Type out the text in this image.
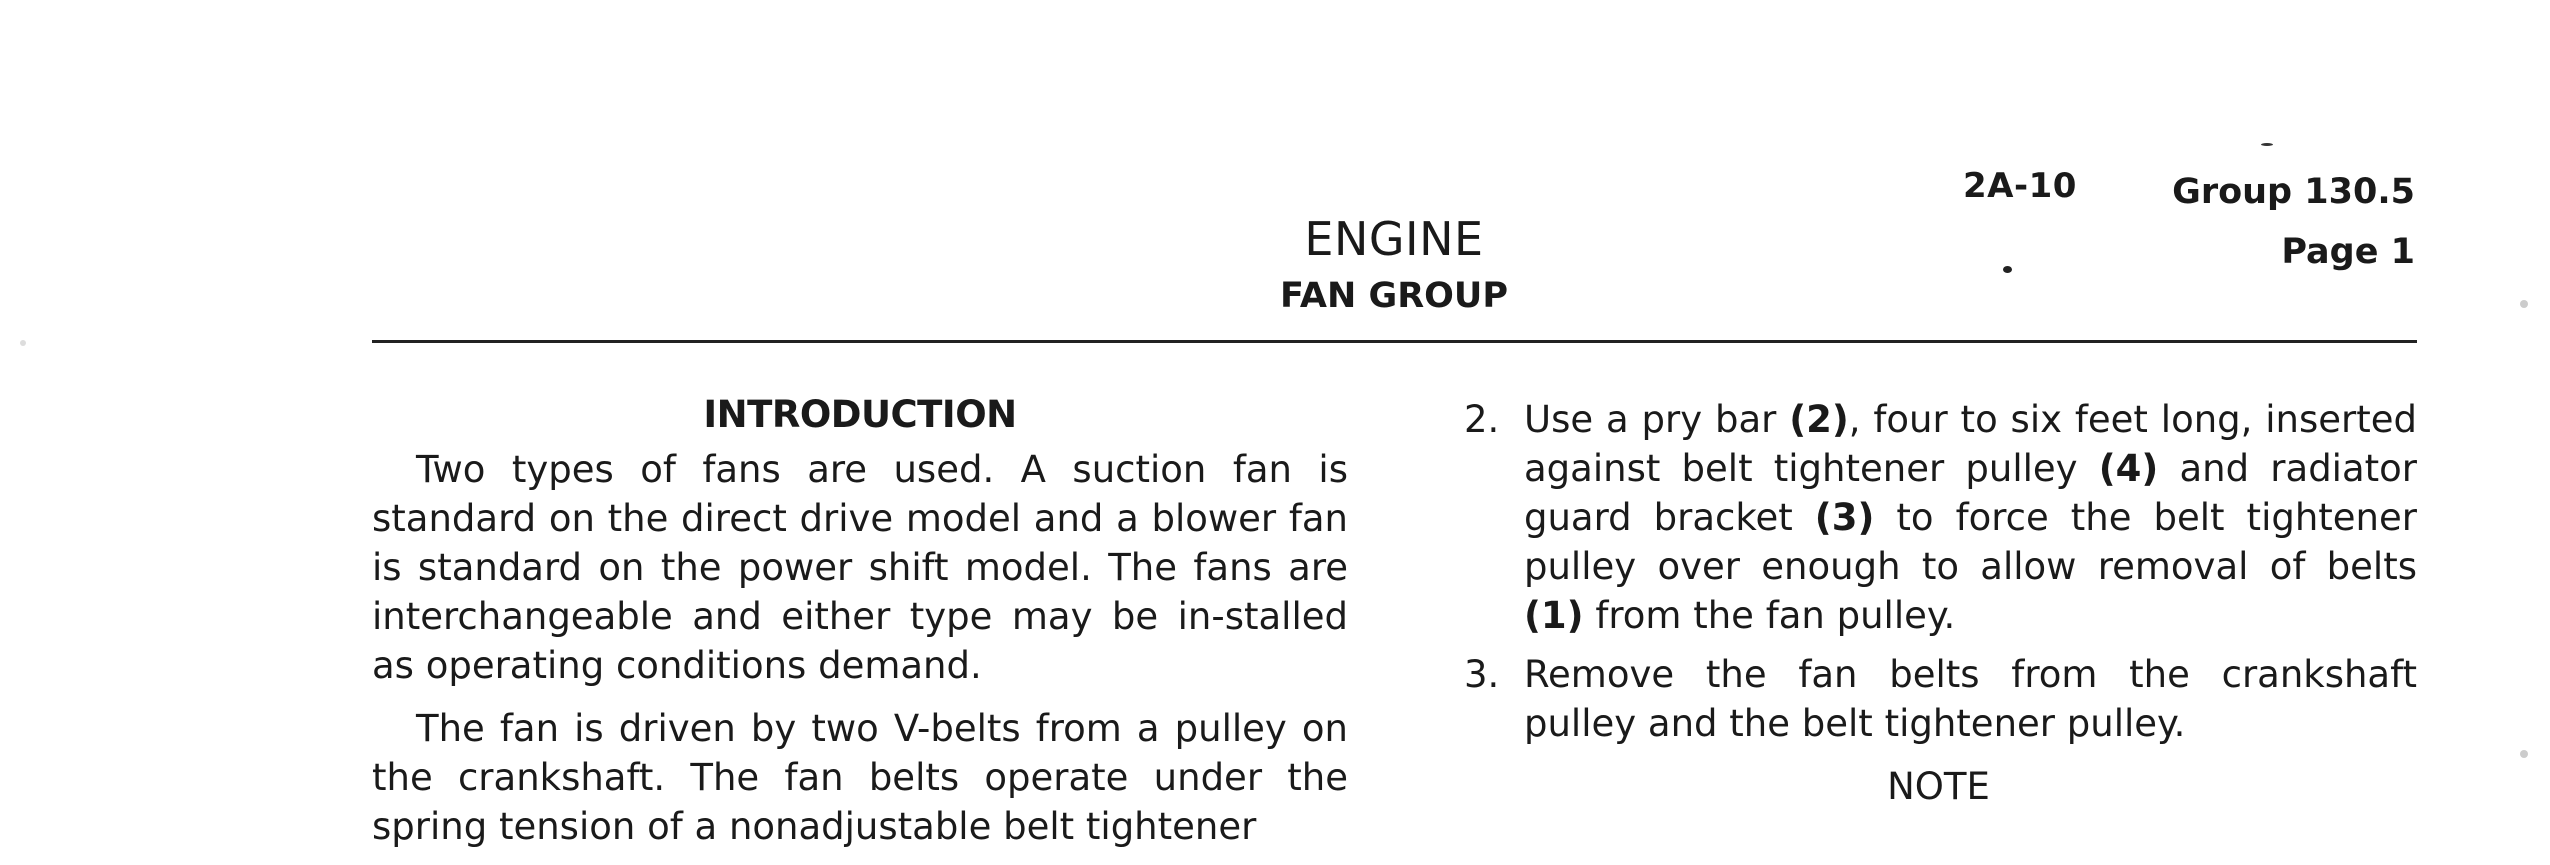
2A-10	Group 130.5
Page 1
ENGINE
FAN GROUP
INTRODUCTION

Two types of fans are used. A suction fan is standard on the direct drive model and a blower fan is standard on the power shift model. The fans are interchangeable and either type may be in-stalled as operating conditions demand.

The fan is driven by two V-belts from a pulley on the crankshaft. The fan belts operate under the spring tension of a nonadjustable belt tightener

2. Use a pry bar (2), four to six feet long, inserted against belt tightener pulley (4) and radiator guard bracket (3) to force the belt tightener pulley over enough to allow removal of belts (1) from the fan pulley.
3. Remove the fan belts from the crankshaft pulley and the belt tightener pulley.
NOTE
